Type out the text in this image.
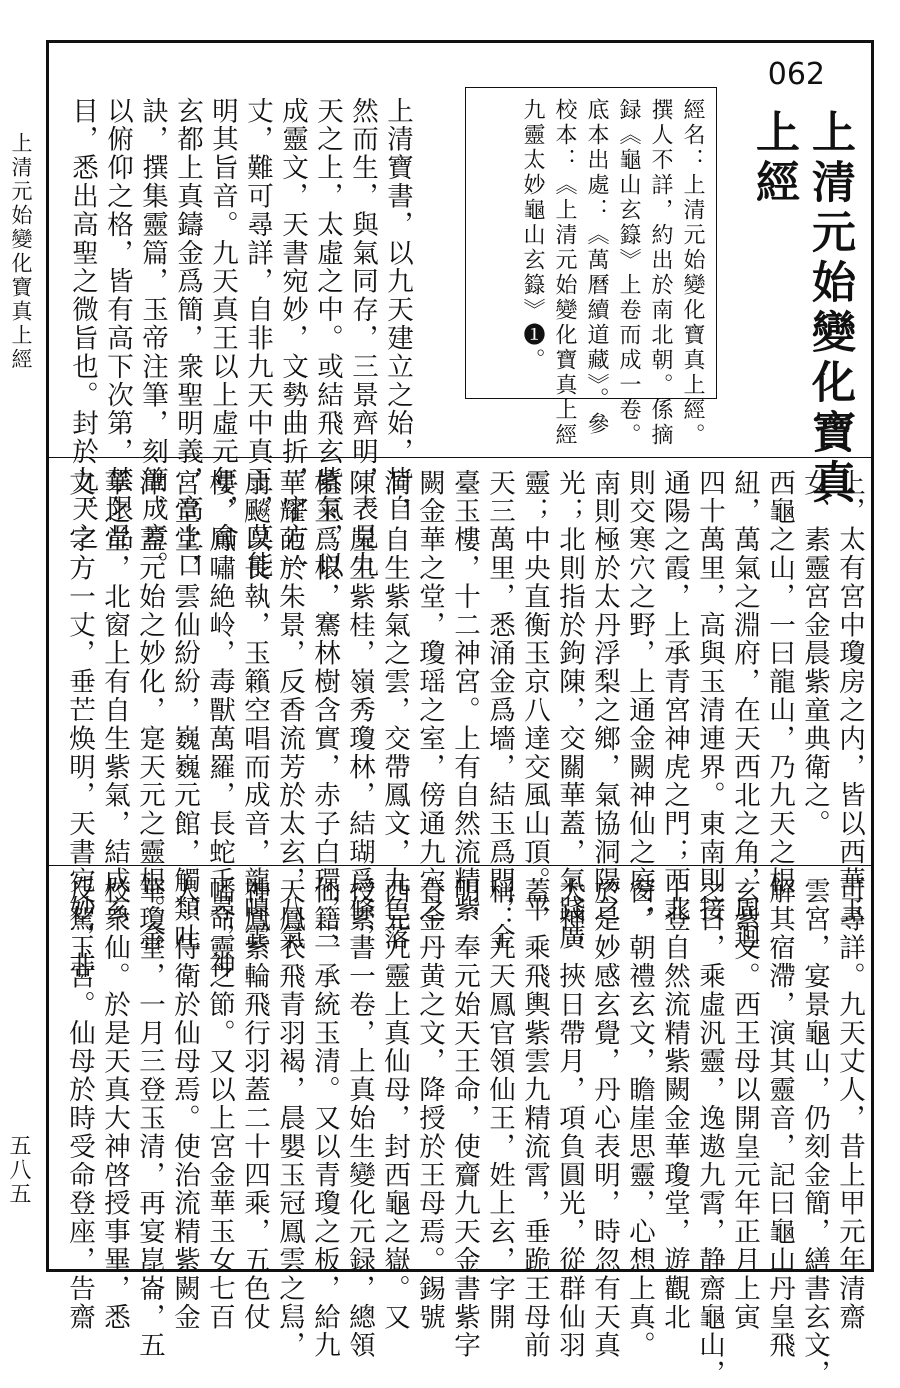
上清元始變化寶真上經
五八五
062
上清元始變化寶真
上經

經名：上清元始變化寶真上經。

撰人不詳，約出於南北朝。係摘

録《龜山玄籙》上卷而成一卷。

底本出處：《萬曆續道藏》。參

校本：《上清元始變化寶真上經

九靈太妙龜山玄籙》❶。

上清寶書，以九天建立之始，皆自

然而生，與氣同存，三景齊明，表見九

天之上，太虛之中。或結飛玄紫氣，以

成靈文，天書宛妙，文勢曲折，字方一

丈，難可尋詳，自非九天中真王，莫能

明其旨音。九天真王以上虛元年，命

玄都上真鑄金爲簡，衆聖明義，高上口

訣，撰集靈篇，玉帝注筆，刻簡成章。

以俯仰之格，皆有高下次第，禁限品

目，悉出高聖之微旨也。封於九天之

上，太有宮中瓊房之内，皆以西華玉

女、素靈宮金晨紫童典衛之。

西龜之山，一曰龍山，乃九天之根

紐，萬氣之淵府，在天西北之角，周迴

四十萬里，高與玉清連界。東南則接

通陽之霞，上承青宮神虎之門；西北

則交寒穴之野，上通金闕神仙之庭；

南則極於太丹浮梨之鄉，氣協洞陽之

光；北則指於鉤陳，交關華蓋，氣踐廣

靈；中央直衡玉京八達交風山頂。平

天三萬里，悉涌金爲墻，結玉爲門，金

臺玉樓，十二神宮。上有自然流精紫

闕金華之堂，瓊瑶之室，傍通九穴之

洞，自生紫氣之雲，交帶鳳文，九色落

陳。崖生紫桂，嶺秀瓊林，結瑚爲條，

植玉爲根，騫林樹含實，赤子白環，三

華耀葩於朱景，反香流芳於太玄，八氣

扇飈以長執，玉籟空唱而成音，龍嘷雲

樓，鳳嘯絶岭，毒獸萬羅，長蛇千尋，神

宮堂堂，雲仙紛紛，巍巍元館，觸類吐

津，蓋元始之妙化，寔天元之靈根。金

華之堂，北窗上有自生紫氣，結成玄

文，字方一丈，垂芒焕明，天書宛妙，非

可尋詳。九天丈人，昔上甲元年清齋

雲宮，宴景龜山，仍刻金簡，繕書玄文，

解其宿滯，演其靈音，記曰龜山丹皇飛

玄紫文。西王母以開皇元年正月上寅

之日，乘虛汎靈，逸遨九霄，静齋龜山，

上登自然流精紫闕金華瓊堂，遊觀北

窗，朝禮玄文，瞻崖思靈，心想上真。

於是妙感玄覺，丹心表明，時忽有天真

大神，挾日帶月，項負圓光，從群仙羽

蓋，乘飛輿紫雲九精流霄，垂跪王母前

稱：九天鳳官領仙王，姓上玄，字開

明，奉元始天王命，使齎九天金書紫字

青金丹黄之文，降授於王母焉。錫號

西元九靈上真仙母，封西龜之嶽。又

授素書一卷，上真始生變化元録，總領

仙籍，承統玉清。又以青瓊之板，給九

天鳳衣飛青羽褐，晨嬰玉冠鳳雲之舃，

神鳳紫輪飛行羽蓋二十四乘，五色仗

幡命靈之節。又以上宮金華玉女七百

人，侍衛於仙母焉。使治流精紫闕金

華瓊堂，一月三登玉清，再宴崑崙，五

校衆仙。於是天真大神啓授事畢，悉

反駕玉宮。仙母於時受命登座，告齋
